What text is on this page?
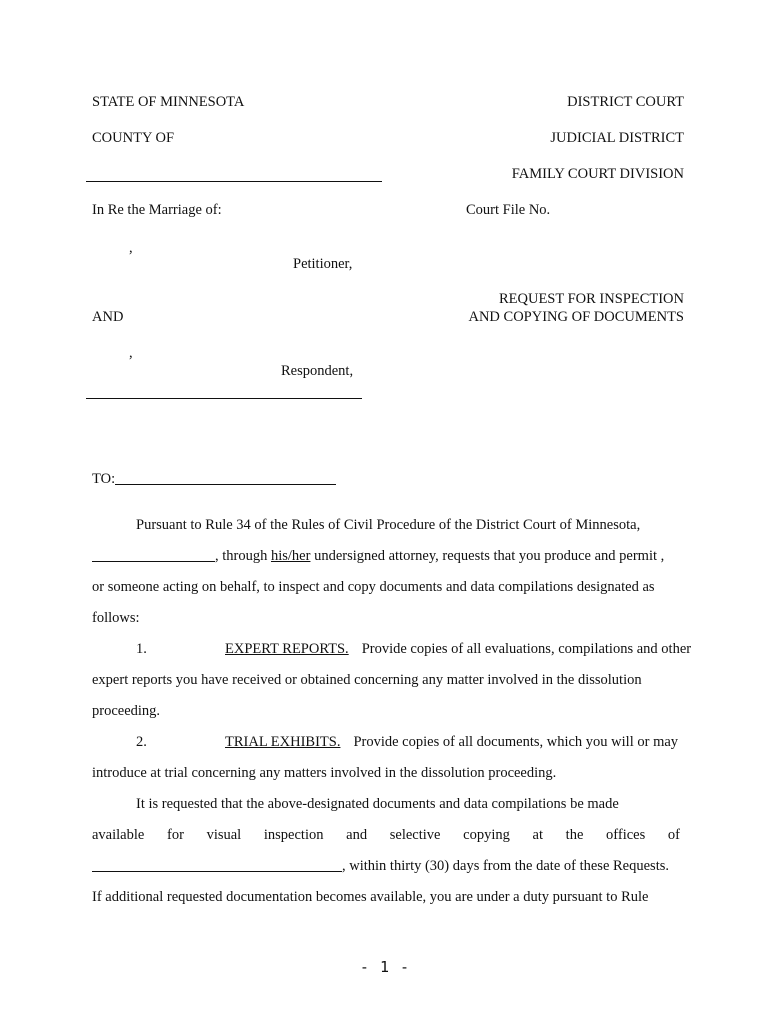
STATE OF MINNESOTA	DISTRICT COURT
COUNTY OF	JUDICIAL DISTRICT
FAMILY COURT DIVISION
In Re the Marriage of:	Court File No.
,
Petitioner,
REQUEST FOR INSPECTION
AND	AND COPYING OF DOCUMENTS
,
Respondent,
TO:
Pursuant to Rule 34 of the Rules of Civil Procedure of the District Court of Minnesota,
, through his/her undersigned attorney, requests that you produce and permit ,
or someone acting on behalf, to inspect and copy documents and data compilations designated as
follows:
1.	EXPERT REPORTS. Provide copies of all evaluations, compilations and other
expert reports you have received or obtained concerning any matter involved in the dissolution
proceeding.
2.	TRIAL EXHIBITS. Provide copies of all documents, which you will or may
introduce at trial concerning any matters involved in the dissolution proceeding.
It is requested that the above-designated documents and data compilations be made
available for visual inspection and selective copying at the offices of
, within thirty (30) days from the date of these Requests.
If additional requested documentation becomes available, you are under a duty pursuant to Rule
- 1 -
